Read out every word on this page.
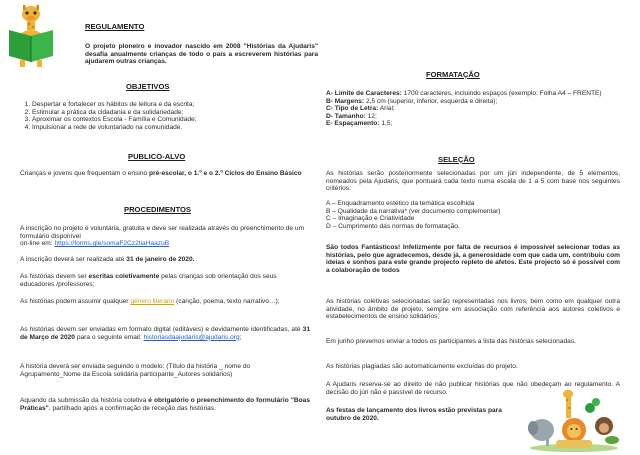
REGULAMENTO

O projeto pioneiro e inovador nascido em 2008 "Histórias da Ajudaris" desafia anualmente crianças de todo o país a escreverem histórias para ajudarem outras crianças.

OBJETIVOS
1. Despertar e fortalecer os hábitos de leitura e da escrita;
2. Estimular a prática da cidadania e da solidariedade;
3. Aproximar os contextos Escola - Família e Comunidade;
4. Impulsionar a rede de voluntariado na comunidade.
PUBLICO-ALVO

Crianças e jovens que frequentam o ensino pré-escolar, o 1.º e o 2.º Ciclos do Ensino Básico

PROCEDIMENTOS

A inscrição no projeto é voluntária, gratuita e deve ser realizada através do preenchimento de um formulário disponível
on-line em: https://forms.gle/somaF2Cz2tiaHaazuB

A inscrição deverá ser realizada até 31 de janeiro de 2020.

As histórias devem ser escritas coletivamente pelas crianças sob orientação dos seus educadores /professores;

As histórias podem assumir qualquer género literário (canção, poema, texto narrativo…);

As histórias devem ser enviadas em formato digital (editáveis) e devidamente identificadas, até 31 de Março de 2020 para o seguinte email: historiasdaajudaris@ajudaris.org;

A história deverá ser enviada seguindo o modelo: (Título da história _ nome do Agrupamento_Nome da Escola solidária participante_Autores solidários)

Aquando da submissão da história coletiva é obrigatório o preenchimento do formulário "Boas Práticas", partilhado após a confirmação de receção das histórias.

FORMATAÇÃO
A- Limite de Caracteres: 1700 caracteres, incluindo espaços (exemplo: Folha A4 – FRENTE)
B- Margens: 2,5 cm (superior, inferior, esquerda e direita);
C- Tipo de Letra: Arial;
D- Tamanho: 12;
E- Espaçamento: 1,5;
SELEÇÃO

As histórias serão posteriormente selecionadas por um júri independente, de 5 elementos, nomeados pela Ajudaris, que pontuará cada texto numa escala de 1 a 5 com base nos seguintes critérios:

A – Enquadramento estético da temática escolhida
B – Qualidade da narrativa* (ver documento complementar)
C – Imaginação e Criatividade
D – Cumprimento das normas de formatação.

São todos Fantásticos! Infelizmente por falta de recursos é impossível selecionar todas as histórias, pelo que agradecemos, desde já, a generosidade com que cada um, contribuiu com ideias e sonhos para este grande projecto repleto de afetos. Este projecto só é possível com a colaboração de todos

As histórias coletivas selecionadas serão representadas nos livros, bem como em qualquer outra atividade, no âmbito de projeto, sempre em associação com referência aos autores coletivos e estabelecimentos de ensino solidários;

Em junho prevemos enviar a todos os participantes a lista das histórias selecionadas.

As histórias plagiadas são automaticamente excluídas do projeto.

A Ajudaris reserva-se ao direito de não publicar histórias que não obedeçam ao regulamento. A decisão do júri não é passível de recurso.

As festas de lançamento dos livros estão previstas para outubro de 2020.
